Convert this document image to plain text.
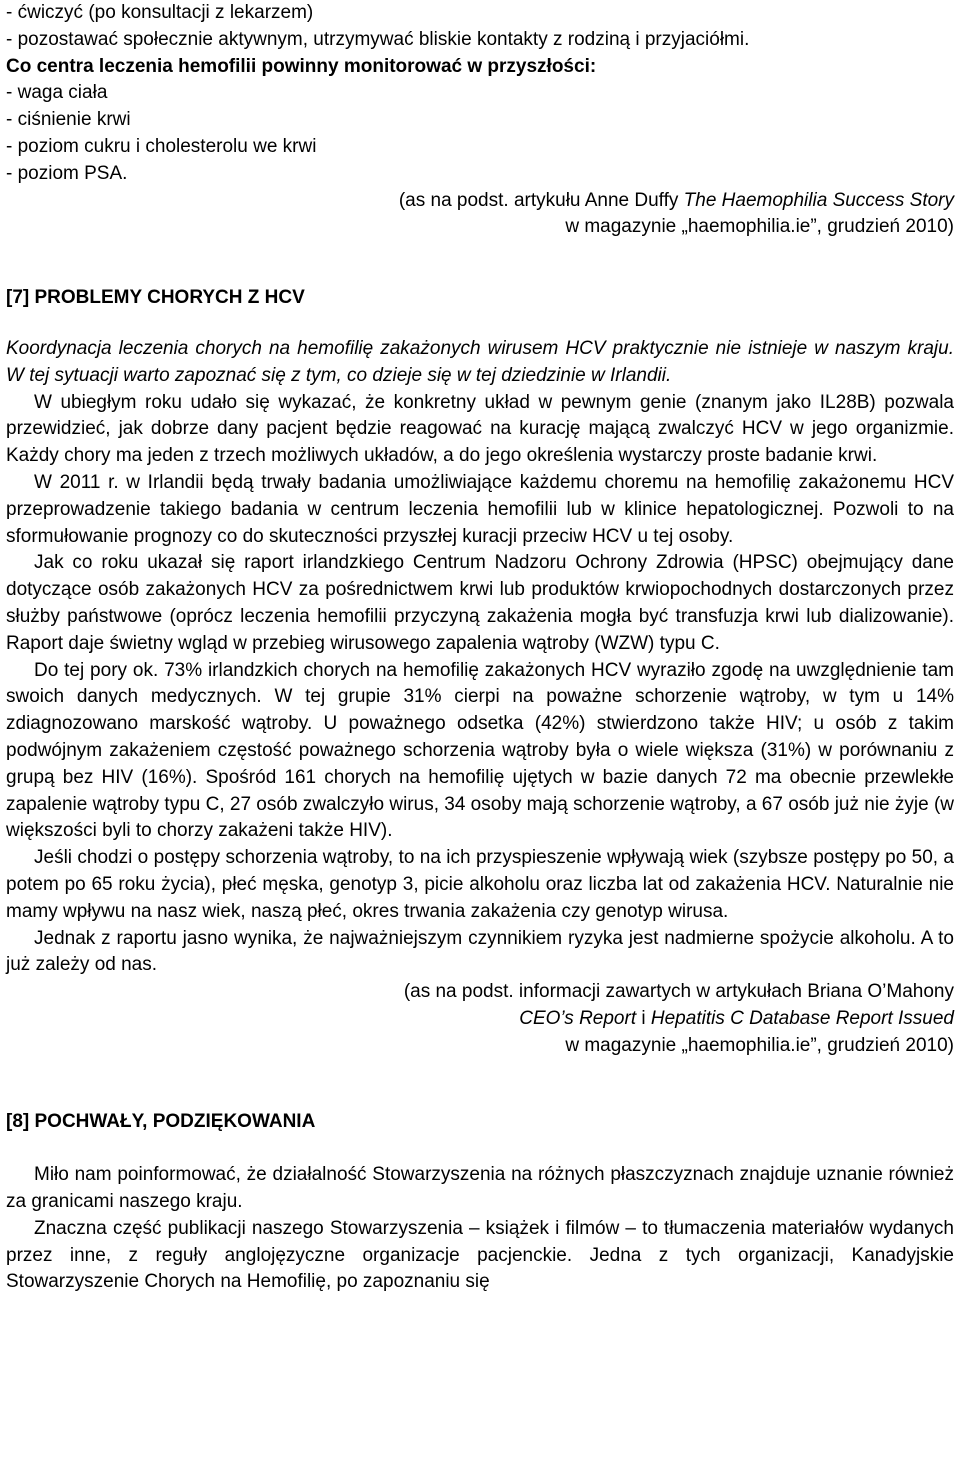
- ćwiczyć (po konsultacji z lekarzem)
- pozostawać społecznie aktywnym, utrzymywać bliskie kontakty z rodziną i przyjaciółmi.
Co centra leczenia hemofilii powinny monitorować w przyszłości:
- waga ciała
- ciśnienie krwi
- poziom cukru i cholesterolu we krwi
- poziom PSA.
(as na podst. artykułu Anne Duffy The Haemophilia Success Story
w magazynie „haemophilia.ie”, grudzień 2010)

[7] PROBLEMY CHORYCH Z HCV

Koordynacja leczenia chorych na hemofilię zakażonych wirusem HCV praktycznie nie istnieje w naszym kraju. W tej sytuacji warto zapoznać się z tym, co dzieje się w tej dziedzinie w Irlandii.

W ubiegłym roku udało się wykazać, że konkretny układ w pewnym genie (znanym jako IL28B) pozwala przewidzieć, jak dobrze dany pacjent będzie reagować na kurację mającą zwalczyć HCV w jego organizmie. Każdy chory ma jeden z trzech możliwych układów, a do jego określenia wystarczy proste badanie krwi.

W 2011 r. w Irlandii będą trwały badania umożliwiające każdemu choremu na hemofilię zakażonemu HCV przeprowadzenie takiego badania w centrum leczenia hemofilii lub w klinice hepatologicznej. Pozwoli to na sformułowanie prognozy co do skuteczności przyszłej kuracji przeciw HCV u tej osoby.

Jak co roku ukazał się raport irlandzkiego Centrum Nadzoru Ochrony Zdrowia (HPSC) obejmujący dane dotyczące osób zakażonych HCV za pośrednictwem krwi lub produktów krwiopochodnych dostarczonych przez służby państwowe (oprócz leczenia hemofilii przyczyną zakażenia mogła być transfuzja krwi lub dializowanie). Raport daje świetny wgląd w przebieg wirusowego zapalenia wątroby (WZW) typu C.

Do tej pory ok. 73% irlandzkich chorych na hemofilię zakażonych HCV wyraziło zgodę na uwzględnienie tam swoich danych medycznych. W tej grupie 31% cierpi na poważne schorzenie wątroby, w tym u 14% zdiagnozowano marskość wątroby. U poważnego odsetka (42%) stwierdzono także HIV; u osób z takim podwójnym zakażeniem częstość poważnego schorzenia wątroby była o wiele większa (31%) w porównaniu z grupą bez HIV (16%). Spośród 161 chorych na hemofilię ujętych w bazie danych 72 ma obecnie przewlekłe zapalenie wątroby typu C, 27 osób zwalczyło wirus, 34 osoby mają schorzenie wątroby, a 67 osób już nie żyje (w większości byli to chorzy zakażeni także HIV).

Jeśli chodzi o postępy schorzenia wątroby, to na ich przyspieszenie wpływają wiek (szybsze postępy po 50, a potem po 65 roku życia), płeć męska, genotyp 3, picie alkoholu oraz liczba lat od zakażenia HCV. Naturalnie nie mamy wpływu na nasz wiek, naszą płeć, okres trwania zakażenia czy genotyp wirusa.

Jednak z raportu jasno wynika, że najważniejszym czynnikiem ryzyka jest nadmierne spożycie alkoholu. A to już zależy od nas.

(as na podst. informacji zawartych w artykułach Briana O’Mahony
CEO’s Report i Hepatitis C Database Report Issued
w magazynie „haemophilia.ie”, grudzień 2010)

[8] POCHWAŁY, PODZIĘKOWANIA

Miło nam poinformować, że działalność Stowarzyszenia na różnych płaszczyznach znajduje uznanie również za granicami naszego kraju.

Znaczna część publikacji naszego Stowarzyszenia – książek i filmów – to tłumaczenia materiałów wydanych przez inne, z reguły anglojęzyczne organizacje pacjenckie. Jedna z tych organizacji, Kanadyjskie Stowarzyszenie Chorych na Hemofilię, po zapoznaniu się
